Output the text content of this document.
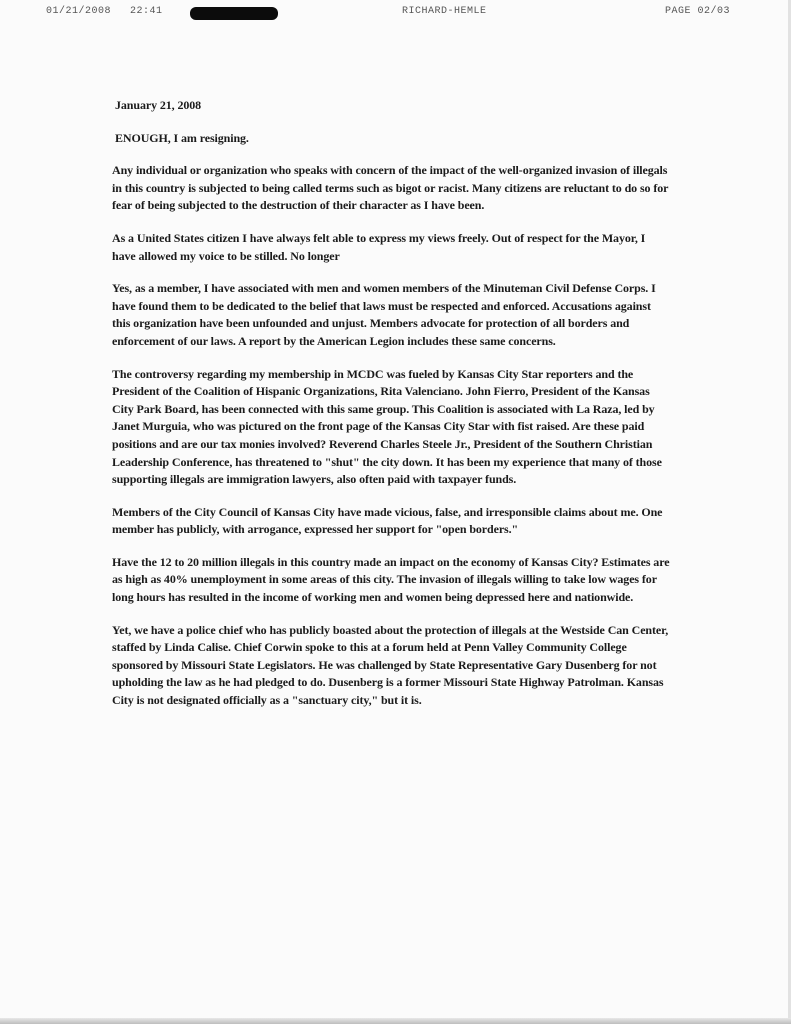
01/21/2008 22:41	RICHARD-HEMLE	PAGE 02/03

January 21, 2008

ENOUGH, I am resigning.

Any individual or organization who speaks with concern of the impact of the well-organized invasion of illegals in this country is subjected to being called terms such as bigot or racist. Many citizens are reluctant to do so for fear of being subjected to the destruction of their character as I have been.

As a United States citizen I have always felt able to express my views freely. Out of respect for the Mayor, I have allowed my voice to be stilled. No longer

Yes, as a member, I have associated with men and women members of the Minuteman Civil Defense Corps. I have found them to be dedicated to the belief that laws must be respected and enforced. Accusations against this organization have been unfounded and unjust. Members advocate for protection of all borders and enforcement of our laws. A report by the American Legion includes these same concerns.

The controversy regarding my membership in MCDC was fueled by Kansas City Star reporters and the President of the Coalition of Hispanic Organizations, Rita Valenciano. John Fierro, President of the Kansas City Park Board, has been connected with this same group. This Coalition is associated with La Raza, led by Janet Murguia, who was pictured on the front page of the Kansas City Star with fist raised. Are these paid positions and are our tax monies involved? Reverend Charles Steele Jr., President of the Southern Christian Leadership Conference, has threatened to "shut" the city down. It has been my experience that many of those supporting illegals are immigration lawyers, also often paid with taxpayer funds.

Members of the City Council of Kansas City have made vicious, false, and irresponsible claims about me. One member has publicly, with arrogance, expressed her support for "open borders."

Have the 12 to 20 million illegals in this country made an impact on the economy of Kansas City? Estimates are as high as 40% unemployment in some areas of this city. The invasion of illegals willing to take low wages for long hours has resulted in the income of working men and women being depressed here and nationwide.

Yet, we have a police chief who has publicly boasted about the protection of illegals at the Westside Can Center, staffed by Linda Calise. Chief Corwin spoke to this at a forum held at Penn Valley Community College sponsored by Missouri State Legislators. He was challenged by State Representative Gary Dusenberg for not upholding the law as he had pledged to do. Dusenberg is a former Missouri State Highway Patrolman. Kansas City is not designated officially as a "sanctuary city," but it is.
